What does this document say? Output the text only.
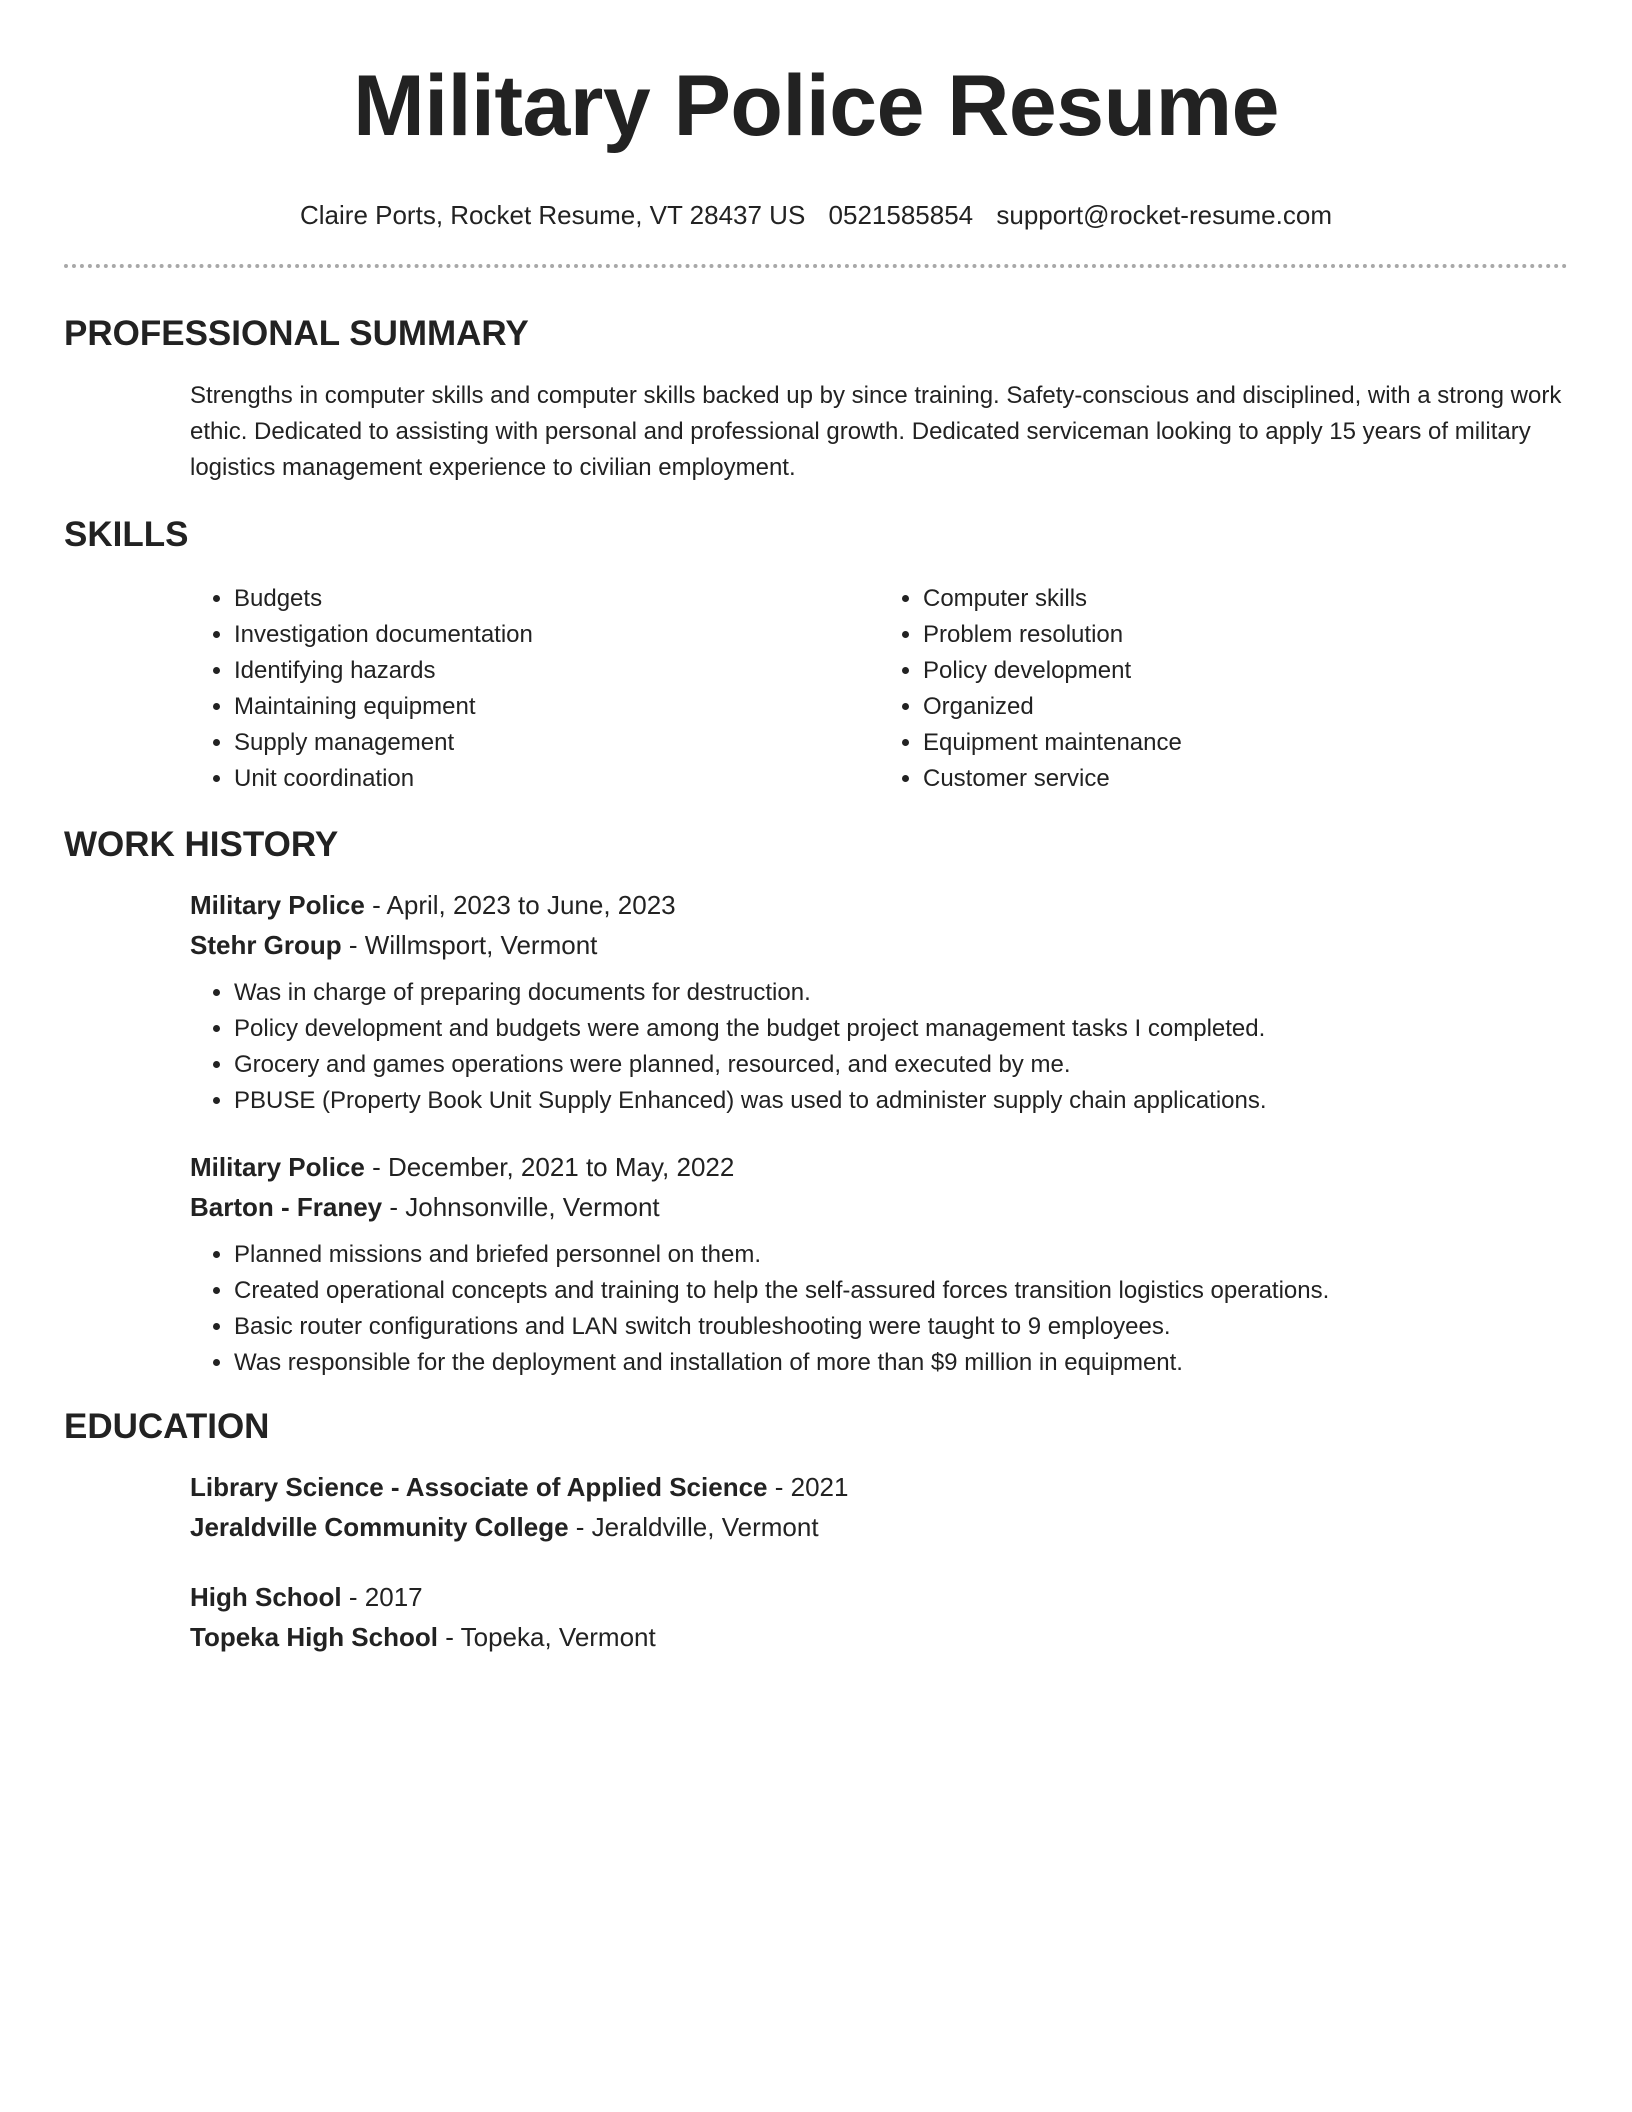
Military Police Resume
Claire Ports, Rocket Resume, VT 28437 US 0521585854 support@rocket-resume.com
PROFESSIONAL SUMMARY

Strengths in computer skills and computer skills backed up by since training. Safety-conscious and disciplined, with a strong work ethic. Dedicated to assisting with personal and professional growth. Dedicated serviceman looking to apply 15 years of military logistics management experience to civilian employment.

SKILLS
• Budgets
• Investigation documentation
• Identifying hazards
• Maintaining equipment
• Supply management
• Unit coordination
• Computer skills
• Problem resolution
• Policy development
• Organized
• Equipment maintenance
• Customer service
WORK HISTORY
Military Police - April, 2023 to June, 2023
Stehr Group - Willmsport, Vermont
• Was in charge of preparing documents for destruction.
• Policy development and budgets were among the budget project management tasks I completed.
• Grocery and games operations were planned, resourced, and executed by me.
• PBUSE (Property Book Unit Supply Enhanced) was used to administer supply chain applications.
Military Police - December, 2021 to May, 2022
Barton - Franey - Johnsonville, Vermont
• Planned missions and briefed personnel on them.
• Created operational concepts and training to help the self-assured forces transition logistics operations.
• Basic router configurations and LAN switch troubleshooting were taught to 9 employees.
• Was responsible for the deployment and installation of more than $9 million in equipment.
EDUCATION
Library Science - Associate of Applied Science - 2021
Jeraldville Community College - Jeraldville, Vermont
High School - 2017
Topeka High School - Topeka, Vermont
